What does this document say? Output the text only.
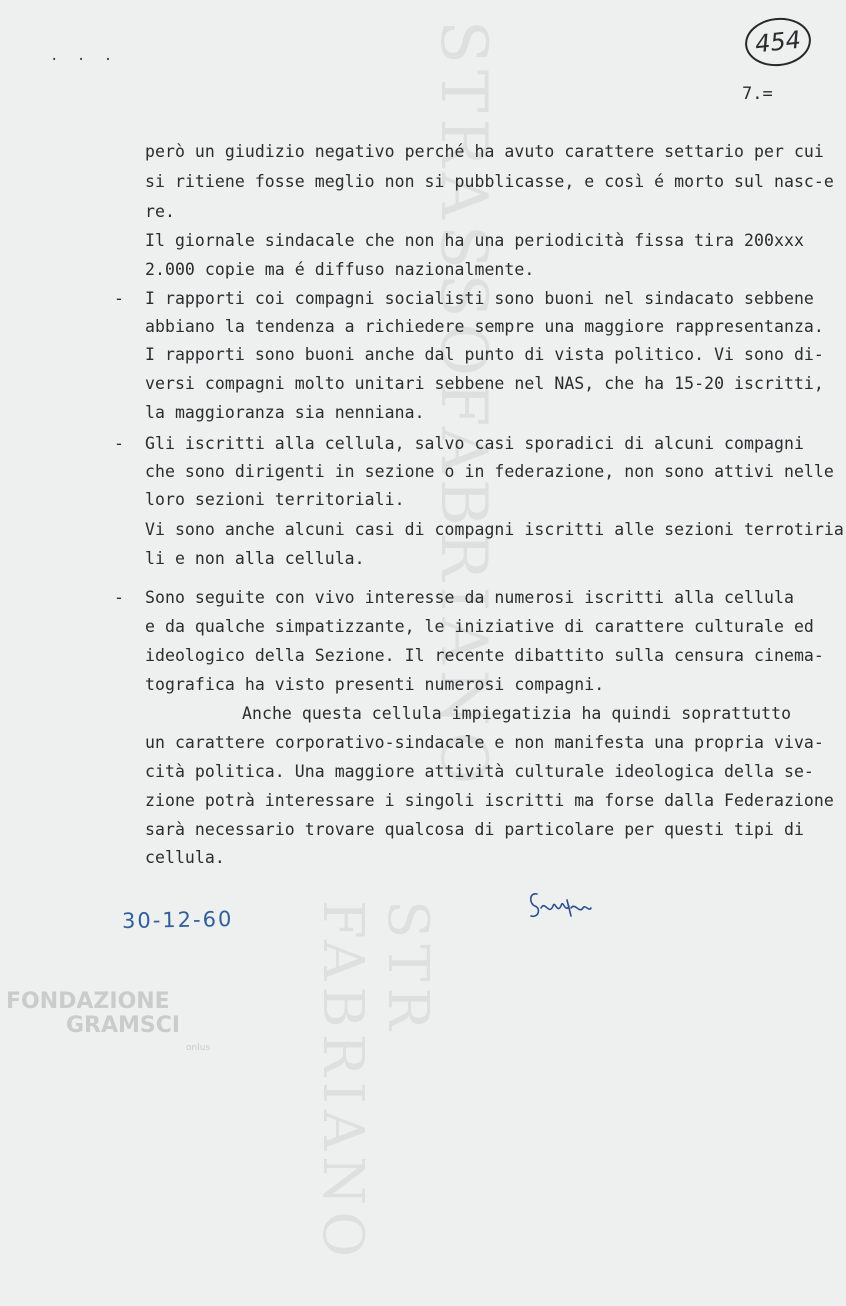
STRASSOFABRIANO
STR FABRIANO
· · ·
454
7.=
però un giudizio negativo perché ha avuto carattere settario per cui
si ritiene fosse meglio non si pubblicasse, e così é morto sul nasc-e
re.
Il giornale sindacale che non ha una periodicità fissa tira 200xxx
2.000 copie ma é diffuso nazionalmente.
- I rapporti coi compagni socialisti sono buoni nel sindacato sebbene
abbiano la tendenza a richiedere sempre una maggiore rappresentanza.
I rapporti sono buoni anche dal punto di vista politico. Vi sono di-
versi compagni molto unitari sebbene nel NAS, che ha 15-20 iscritti,
la maggioranza sia nenniana.
- Gli iscritti alla cellula, salvo casi sporadici di alcuni compagni
che sono dirigenti in sezione o in federazione, non sono attivi nelle
loro sezioni territoriali.
Vi sono anche alcuni casi di compagni iscritti alle sezioni terrotiria
li e non alla cellula.
- Sono seguite con vivo interesse da numerosi iscritti alla cellula
e da qualche simpatizzante, le iniziative di carattere culturale ed
ideologico della Sezione. Il recente dibattito sulla censura cinema-
tografica ha visto presenti numerosi compagni.
Anche questa cellula impiegatizia ha quindi soprattutto
un carattere corporativo-sindacale e non manifesta una propria viva-
cità politica. Una maggiore attività culturale ideologica della se-
zione potrà interessare i singoli iscritti ma forse dalla Federazione
sarà necessario trovare qualcosa di particolare per questi tipi di
cellula.
30-12-60
FONDAZIONE
GRAMSCI
onlus
